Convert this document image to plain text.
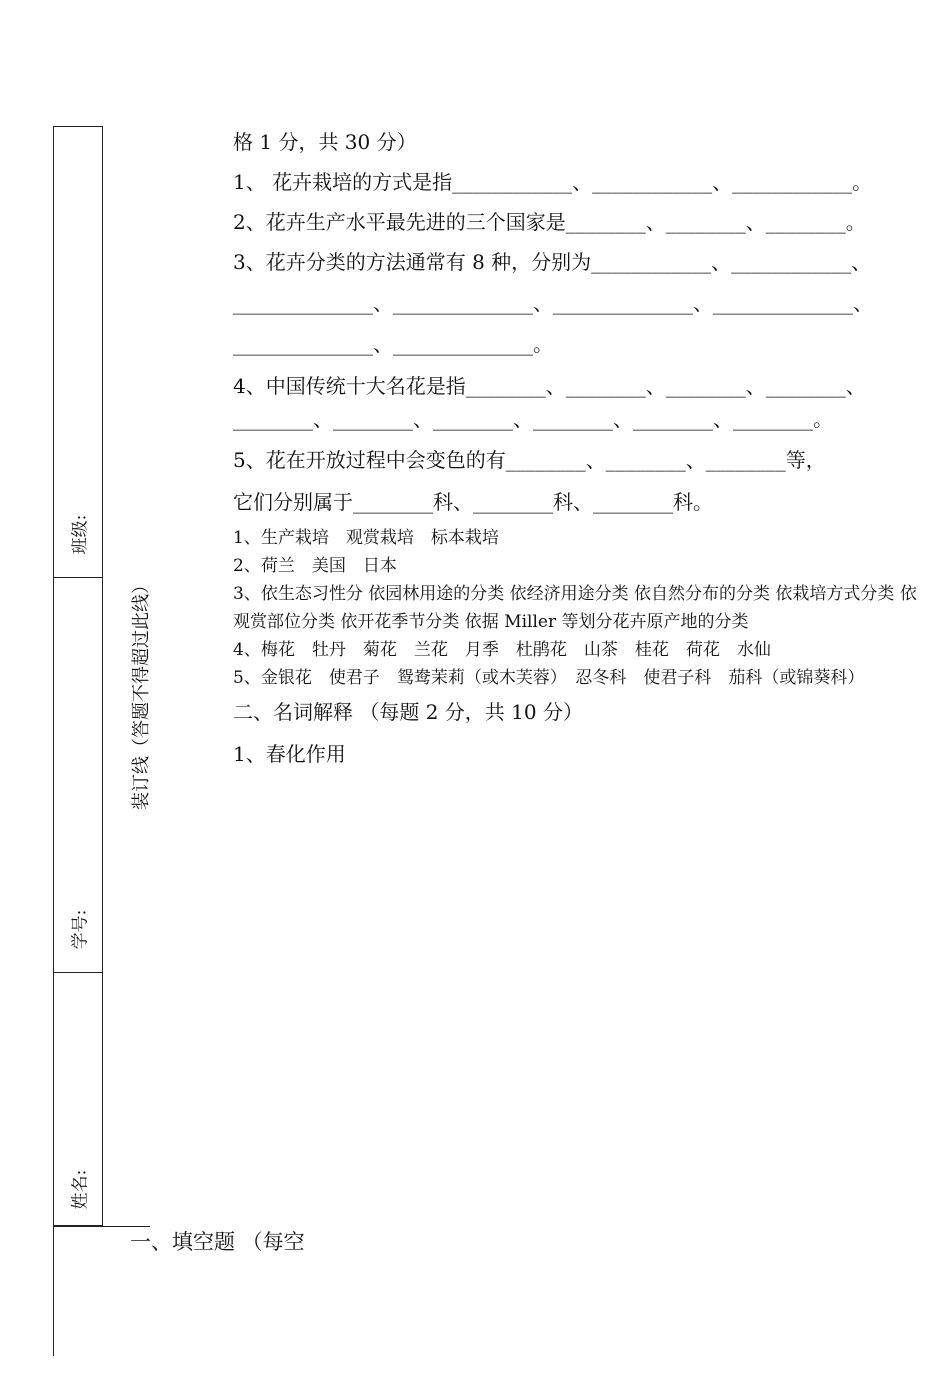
班级:
学号:
姓名:
装订线（答题不得超过此线）
一、填空题 （每空

格 1 分，共 30 分）

1、 花卉栽培的方式是指____________、____________、____________。

2、花卉生产水平最先进的三个国家是________、________、________。

3、花卉分类的方法通常有 8 种，分别为____________、____________、

______________、______________、______________、______________、

______________、______________。

4、中国传统十大名花是指________、________、________、________、

________、________、________、________、________、________。

5、花在开放过程中会变色的有________、________、________等，

它们分别属于________科、________科、________科。

1、生产栽培　观赏栽培　标本栽培

2、荷兰　美国　日本

3、依生态习性分 依园林用途的分类 依经济用途分类 依自然分布的分类 依栽培方式分类 依观赏部位分类 依开花季节分类 依据 Miller 等划分花卉原产地的分类

4、梅花　牡丹　菊花　兰花　月季　杜鹃花　山茶　桂花　荷花　水仙

5、金银花　使君子　鸳鸯茉莉（或木芙蓉）　忍冬科　使君子科　茄科（或锦葵科）

二、名词解释 （每题 2 分，共 10 分）

1、春化作用
